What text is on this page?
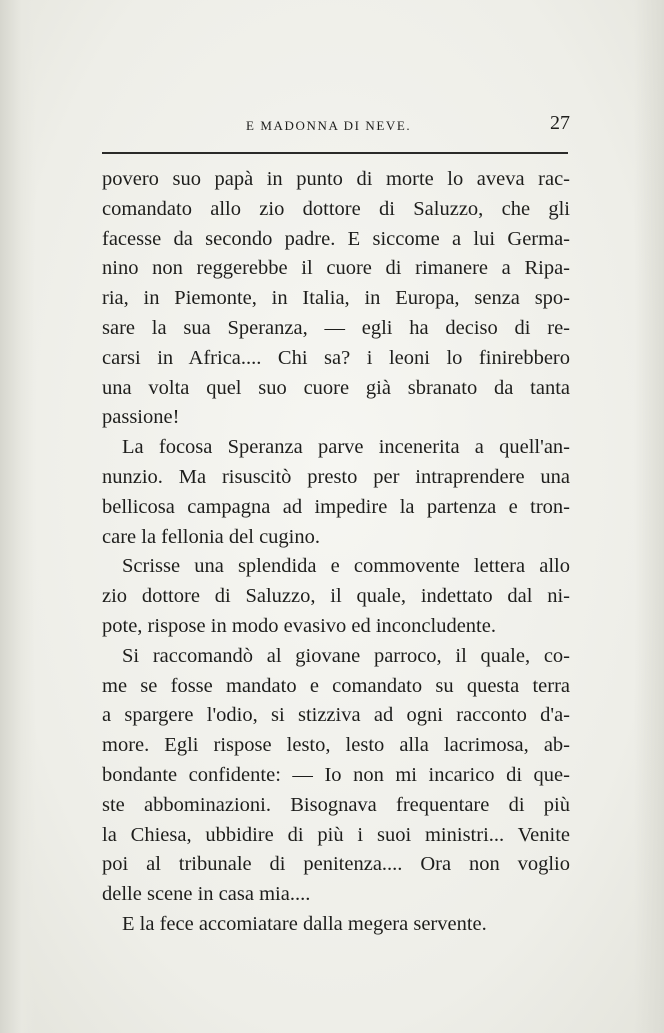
E MADONNA DI NEVE.	27
povero suo papà in punto di morte lo aveva rac-
comandato allo zio dottore di Saluzzo, che gli
facesse da secondo padre. E siccome a lui Germa-
nino non reggerebbe il cuore di rimanere a Ripa-
ria, in Piemonte, in Italia, in Europa, senza spo-
sare la sua Speranza, — egli ha deciso di re-
carsi in Africa.... Chi sa? i leoni lo finirebbero
una volta quel suo cuore già sbranato da tanta
passione!
La focosa Speranza parve incenerita a quell'an-
nunzio. Ma risuscitò presto per intraprendere una
bellicosa campagna ad impedire la partenza e tron-
care la fellonia del cugino.
Scrisse una splendida e commovente lettera allo
zio dottore di Saluzzo, il quale, indettato dal ni-
pote, rispose in modo evasivo ed inconcludente.
Si raccomandò al giovane parroco, il quale, co-
me se fosse mandato e comandato su questa terra
a spargere l'odio, si stizziva ad ogni racconto d'a-
more. Egli rispose lesto, lesto alla lacrimosa, ab-
bondante confidente: — Io non mi incarico di que-
ste abbominazioni. Bisognava frequentare di più
la Chiesa, ubbidire di più i suoi ministri... Venite
poi al tribunale di penitenza.... Ora non voglio
delle scene in casa mia....
E la fece accomiatare dalla megera servente.
